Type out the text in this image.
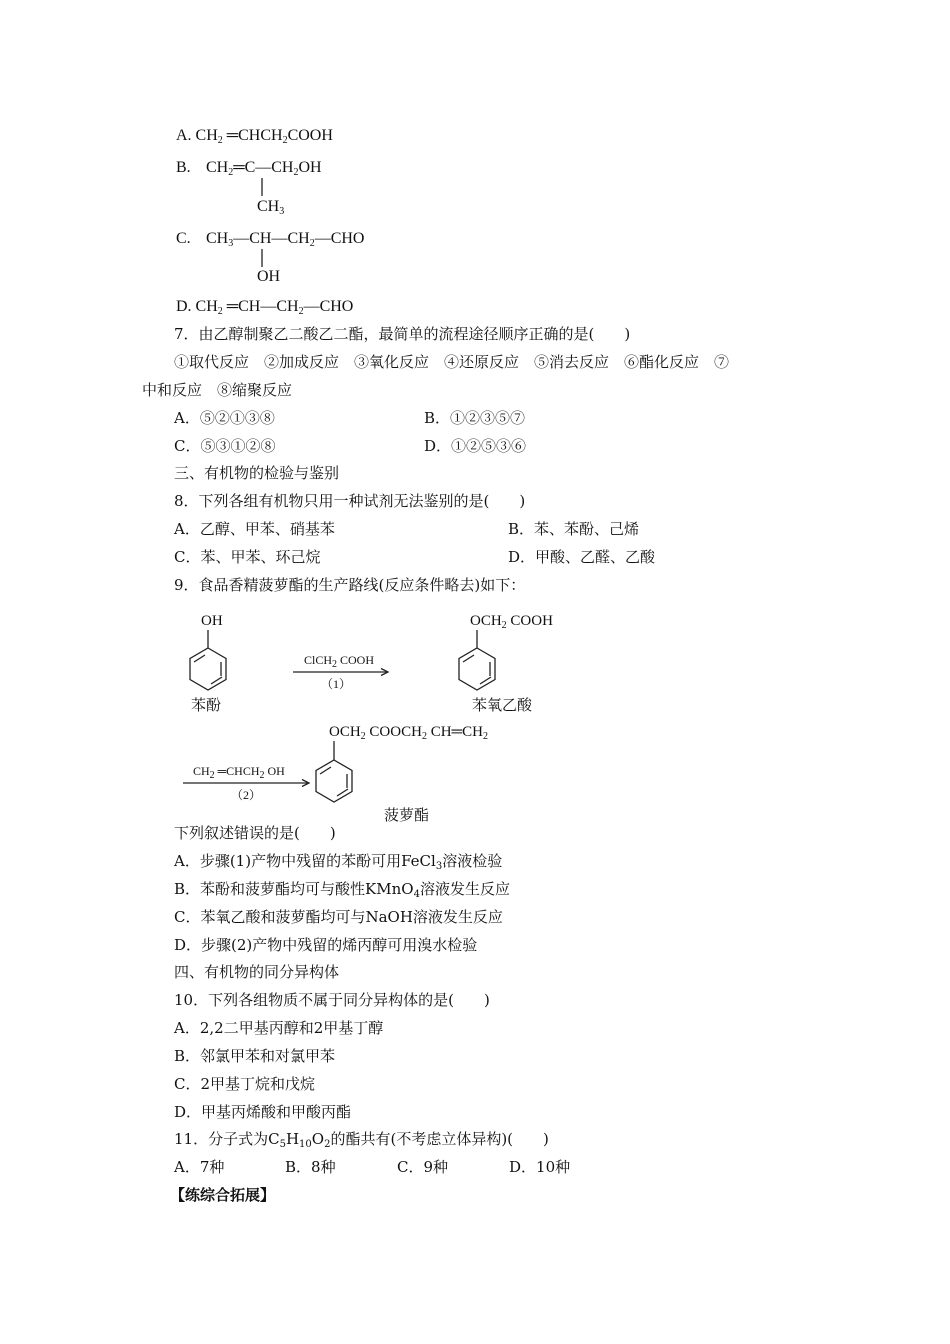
A. $CH_2$ $═CHCH_2COOH$
B. $CH_2═C—CH_2OH$
$CH_3$
C. $CH_3—CH—CH_2—CHO$
OH
D. $CH_2$ $═CH—CH_2—CHO$
7．由乙醇制聚乙二酸乙二酯，最简单的流程途径顺序正确的是(　　)
①取代反应　②加成反应　③氧化反应　④还原反应　⑤消去反应　⑥酯化反应　⑦
中和反应　⑧缩聚反应
A．⑤②①③⑧	B．①②③⑤⑦
C．⑤③①②⑧	D．①②⑤③⑥
三、有机物的检验与鉴别
8．下列各组有机物只用一种试剂无法鉴别的是(　　)
A．乙醇、甲苯、硝基苯	B．苯、苯酚、己烯
C．苯、甲苯、环己烷	D．甲酸、乙醛、乙酸
9．食品香精菠萝酯的生产路线(反应条件略去)如下：
OH
苯酚
ClCH$_2$ COOH
（1）
$OCH_2$ COOH
苯氧乙酸
$OCH_2$ $COOCH_2$ $CH═CH_2$
$CH_2$ $═CHCH_2$ OH
（2）
菠萝酯
下列叙述错误的是(　　)
A．步骤(1)产物中残留的苯酚可用FeCl$_3$溶液检验
B．苯酚和菠萝酯均可与酸性KMnO$_4$溶液发生反应
C．苯氧乙酸和菠萝酯均可与NaOH溶液发生反应
D．步骤(2)产物中残留的烯丙醇可用溴水检验
四、有机物的同分异构体
10．下列各组物质不属于同分异构体的是(　　)
A．2,2二甲基丙醇和2甲基丁醇
B．邻氯甲苯和对氯甲苯
C．2甲基丁烷和戊烷
D．甲基丙烯酸和甲酸丙酯
11．分子式为$C_5H_{10}O_2$的酯共有(不考虑立体异构)(　　)
A．7种	B．8种	C．9种	D．10种
【练综合拓展】
